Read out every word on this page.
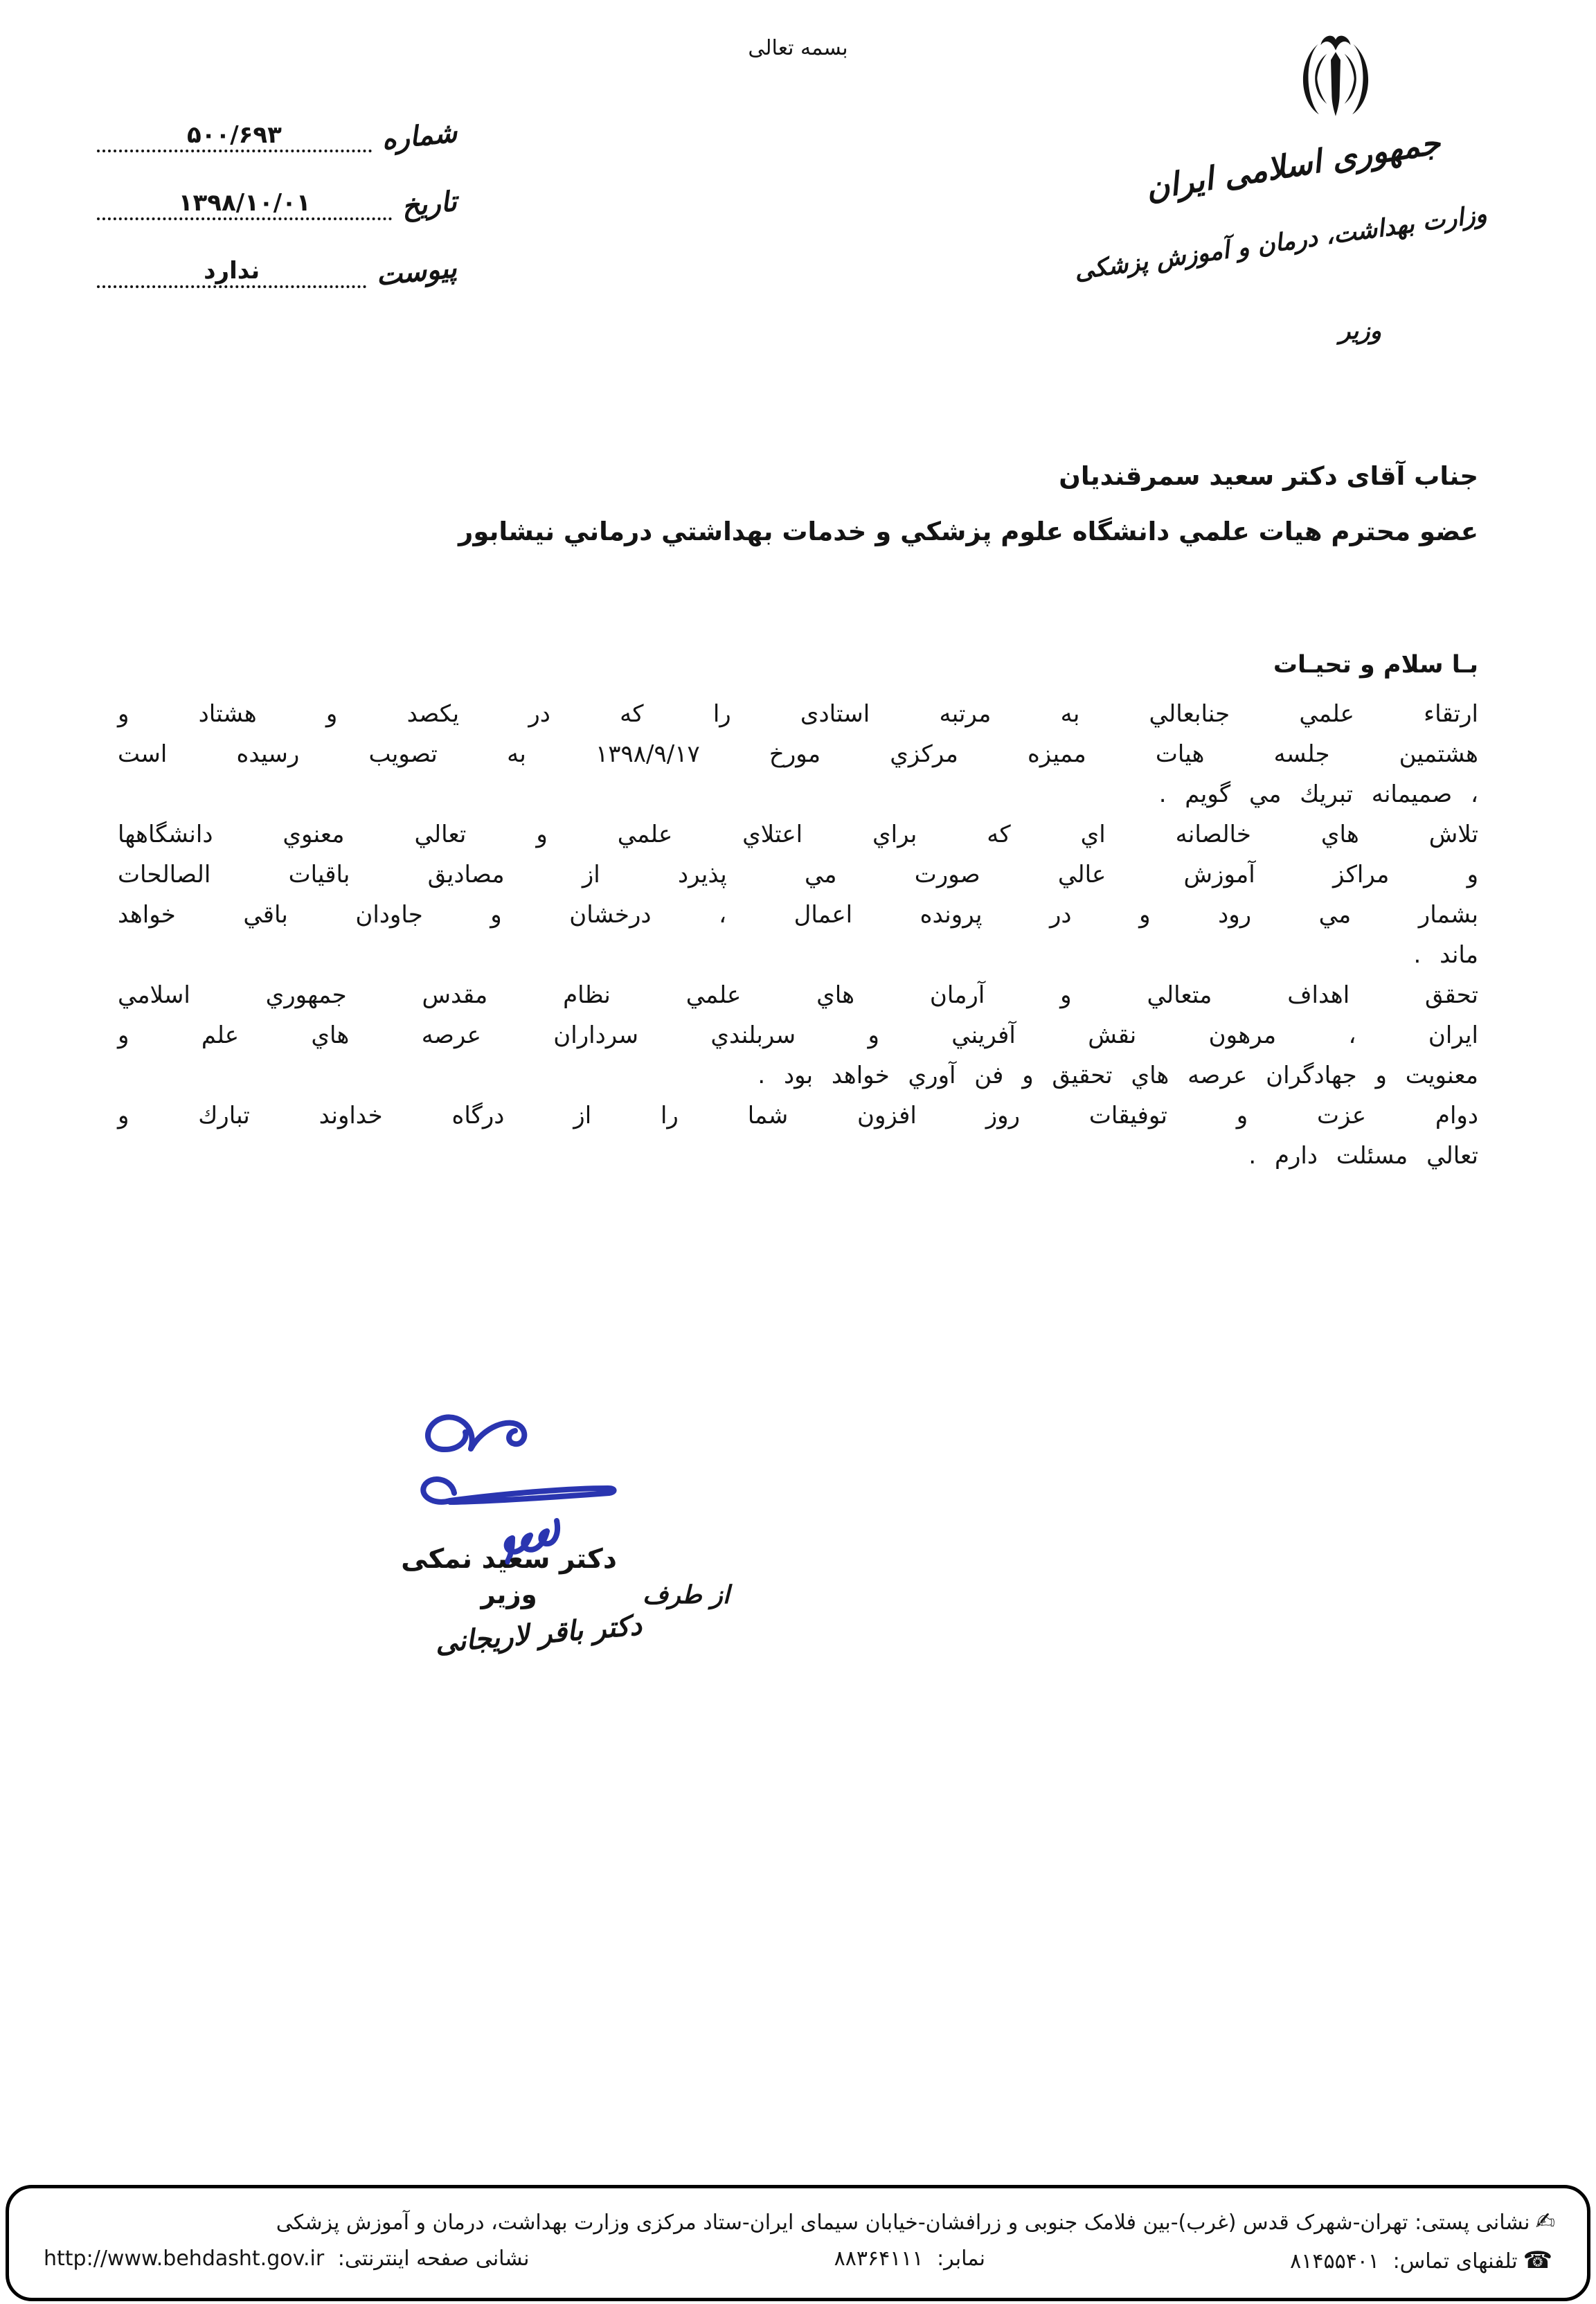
بسمه تعالی
جمهوری اسلامی ایران
وزارت بهداشت، درمان و آموزش پزشکی
وزیر
شماره
۵۰۰/۶۹۳
تاریخ
۱۳۹۸/۱۰/۰۱
پیوست
ندارد
جناب آقای دکتر سعید سمرقندیان
عضو محترم هیات علمي دانشگاه علوم پزشکي و خدمات بهداشتي درماني نیشابور
بـا سلام و تحیـات
ارتقاء علمي جنابعالي به مرتبه استادی را که در یکصد و هشتاد و
هشتمین جلسه هیات ممیزه مرکزي مورخ ۱۳۹۸/۹/۱۷ به تصویب رسیده است
، صمیمانه تبریك مي گویم .
تلاش هاي خالصانه اي که براي اعتلاي علمي و تعالي معنوي دانشگاهها
و مراکز آموزش عالي صورت مي پذیرد از مصادیق باقیات الصالحات
بشمار مي رود و در پرونده اعمال ، درخشان و جاودان باقي خواهد
ماند .
تحقق اهداف متعالي و آرمان هاي علمي نظام مقدس جمهوري اسلامي
ایران ، مرهون نقش آفریني و سربلندي سرداران عرصه هاي علم و
معنویت و جهادگران عرصه هاي تحقیق و فن آوري خواهد بود .
دوام عزت و توفیقات روز افزون شما را از درگاه خداوند تبارك و
تعالي مسئلت دارم .
دکتر سعید نمکی
وزیر	از طرف
دکتر باقر لاریجانی
✍نشانی پستی: تهران-شهرک قدس (غرب)-بین فلامک جنوبی و زرافشان-خیابان سیمای ایران-ستاد مرکزی وزارت بهداشت، درمان و آموزش پزشکی
☎تلفنهای تماس: ۸۱۴۵۵۴۰۱
نمابر: ۸۸۳۶۴۱۱۱
نشانی صفحه اینترنتی: http://www.behdasht.gov.ir
